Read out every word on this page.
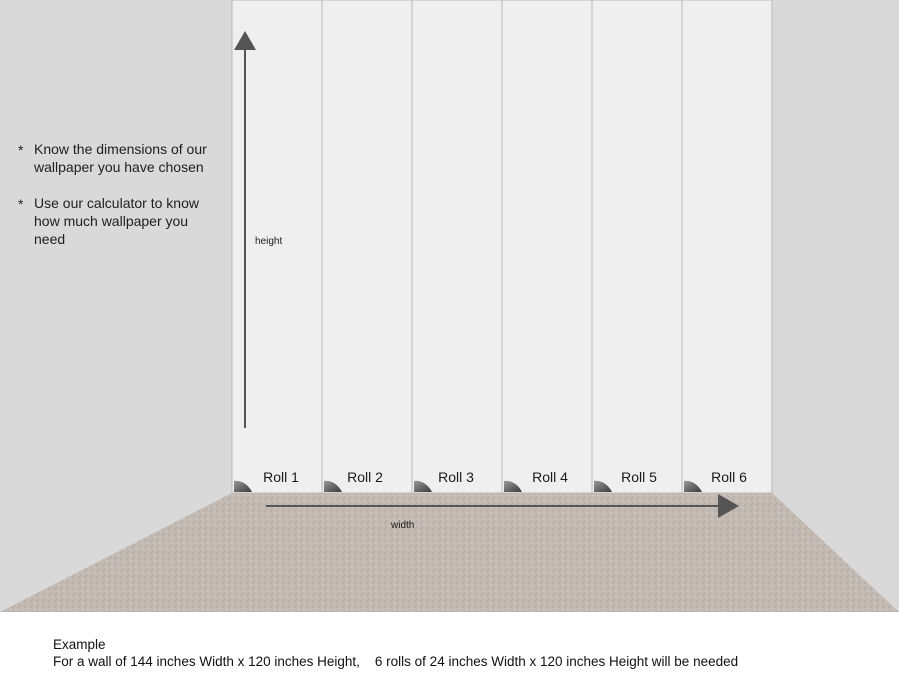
* Know the dimensions of our wallpaper you have chosen
* Use our calculator to know how much wallpaper you need
Roll 1	Roll 2	Roll 3	Roll 4	Roll 5	Roll 6
height
width
Example
For a wall of 144 inches Width x 120 inches Height,    6 rolls of 24 inches Width x 120 inches Height will be needed
